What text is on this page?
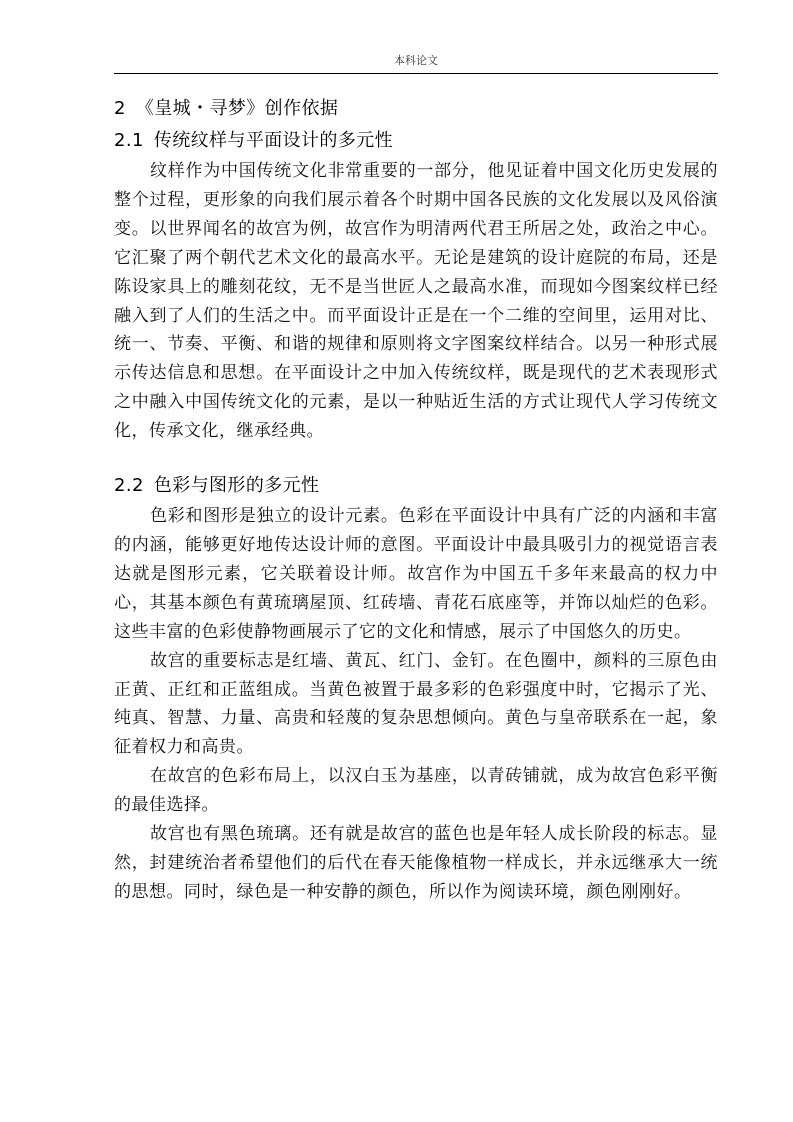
本科论文
2 《皇城・寻梦》创作依据
2.1 传统纹样与平面设计的多元性

纹样作为中国传统文化非常重要的一部分，他见证着中国文化历史发展的整个过程，更形象的向我们展示着各个时期中国各民族的文化发展以及风俗演变。以世界闻名的故宫为例，故宫作为明清两代君王所居之处，政治之中心。它汇聚了两个朝代艺术文化的最高水平。无论是建筑的设计庭院的布局，还是陈设家具上的雕刻花纹，无不是当世匠人之最高水准，而现如今图案纹样已经融入到了人们的生活之中。而平面设计正是在一个二维的空间里，运用对比、统一、节奏、平衡、和谐的规律和原则将文字图案纹样结合。以另一种形式展示传达信息和思想。在平面设计之中加入传统纹样，既是现代的艺术表现形式之中融入中国传统文化的元素，是以一种贴近生活的方式让现代人学习传统文化，传承文化，继承经典。

2.2 色彩与图形的多元性

色彩和图形是独立的设计元素。色彩在平面设计中具有广泛的内涵和丰富的内涵，能够更好地传达设计师的意图。平面设计中最具吸引力的视觉语言表达就是图形元素，它关联着设计师。故宫作为中国五千多年来最高的权力中心，其基本颜色有黄琉璃屋顶、红砖墙、青花石底座等，并饰以灿烂的色彩。这些丰富的色彩使静物画展示了它的文化和情感，展示了中国悠久的历史。

故宫的重要标志是红墙、黄瓦、红门、金钉。在色圈中，颜料的三原色由正黄、正红和正蓝组成。当黄色被置于最多彩的色彩强度中时，它揭示了光、纯真、智慧、力量、高贵和轻蔑的复杂思想倾向。黄色与皇帝联系在一起，象征着权力和高贵。

在故宫的色彩布局上，以汉白玉为基座，以青砖铺就，成为故宫色彩平衡的最佳选择。

故宫也有黑色琉璃。还有就是故宫的蓝色也是年轻人成长阶段的标志。显然，封建统治者希望他们的后代在春天能像植物一样成长，并永远继承大一统的思想。同时，绿色是一种安静的颜色，所以作为阅读环境，颜色刚刚好。
